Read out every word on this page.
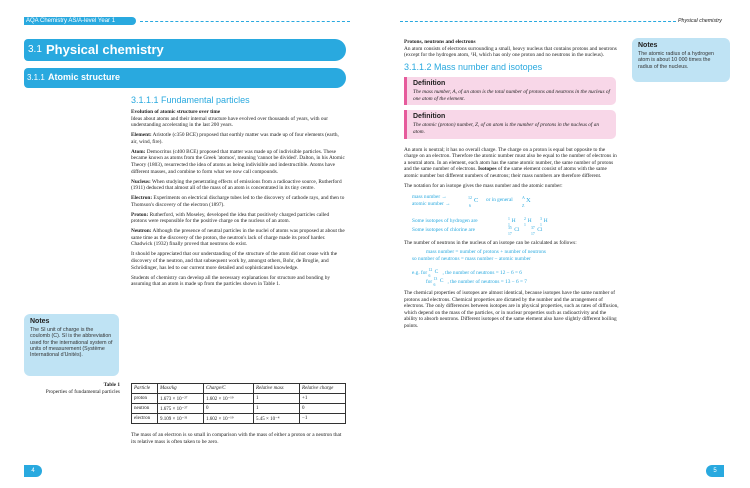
AQA Chemistry AS/A-level Year 1	Physical chemistry
3.1 Physical chemistry
3.1.1 Atomic structure
3.1.1.1 Fundamental particles

Evolution of atomic structure over time

Ideas about atoms and their internal structure have evolved over thousands of years, with our understanding accelerating in the last 200 years.

Element: Aristotle (c350 BCE) proposed that earthly matter was made up of four elements (earth, air, wind, fire).

Atom: Democritus (c400 BCE) proposed that matter was made up of indivisible particles. These became known as atoms from the Greek 'atomos', meaning 'cannot be divided'. Dalton, in his Atomic Theory (1803), resurrected the idea of atoms as being indivisible and indestructible. Atoms have different masses, and combine to form what we now call compounds.

Nucleus: When studying the penetrating effects of emissions from a radioactive source, Rutherford (1911) deduced that almost all of the mass of an atom is concentrated in its tiny centre.

Electron: Experiments on electrical discharge tubes led to the discovery of cathode rays, and then to Thomson's discovery of the electron (1897).

Proton: Rutherford, with Moseley, developed the idea that positively charged particles called protons were responsible for the positive charge on the nucleus of an atom.

Neutron: Although the presence of neutral particles in the nuclei of atoms was proposed at about the same time as the discovery of the proton, the neutron's lack of charge made its proof harder. Chadwick (1932) finally proved that neutrons do exist.

It should be appreciated that our understanding of the structure of the atom did not cease with the discovery of the neutron, and that subsequent work by, amongst others, Bohr, de Broglie, and Schrödinger, has led to our current more detailed and sophisticated knowledge.

Students of chemistry can develop all the necessary explanations for structure and bonding by assuming that an atom is made up from the particles shown in Table 1.

Notes
The SI unit of charge is the coulomb (C). SI is the abbreviation used for the international system of units of measurement (Système International d'Unités).
Table 1
Properties of fundamental particles
Particle	Mass/kg	Charge/C	Relative mass	Relative charge
proton	1.673 × 10⁻²⁷	1.602 × 10⁻¹⁹	1	+1
neutron	1.675 × 10⁻²⁷	0	1	0
electron	9.109 × 10⁻³¹	1.602 × 10⁻¹⁹	5.45 × 10⁻⁴	−1

The mass of an electron is so small in comparison with the mass of either a proton or a neutron that its relative mass is often taken to be zero.

Protons, neutrons and electrons

An atom consists of electrons surrounding a small, heavy nucleus that contains protons and neutrons (except for the hydrogen atom, ¹H, which has only one proton and no neutrons in the nucleus).

3.1.1.2 Mass number and isotopes
Definition
The mass number, A, of an atom is the total number of protons and neutrons in the nucleus of one atom of the element.
Definition
The atomic (proton) number, Z, of an atom is the number of protons in the nucleus of an atom.

An atom is neutral; it has no overall charge. The charge on a proton is equal but opposite to the charge on an electron. Therefore the atomic number must also be equal to the number of electrons in a neutral atom. In an element, each atom has the same atomic number, the same number of protons and the same number of electrons. Isotopes of the same element consist of atoms with the same atomic number but different numbers of neutrons; their mass numbers are therefore different.

The notation for an isotope gives the mass number and the atomic number:

mass number →
atomic number →
12
6
C or in general A
Z
X
Some isotopes of hydrogen are	1
1
H 2
1
H 3
1
H
Some isotopes of chlorine are	35
17
Cl	37
17
Cl

The number of neutrons in the nucleus of an isotope can be calculated as follows:

mass number = number of protons + number of neutrons
so number of neutrons = mass number − atomic number
e.g. for
12
6
C , the number of neutrons = 12 − 6 = 6
for
13
6
C , the number of neutrons = 13 − 6 = 7

The chemical properties of isotopes are almost identical, because isotopes have the same number of protons and electrons. Chemical properties are dictated by the number and the arrangement of electrons. The only differences between isotopes are in physical properties, such as rates of diffusion, which depend on the mass of the particles, or in nuclear properties such as radioactivity and the ability to absorb neutrons. Different isotopes of the same element also have slightly different boiling points.

Notes
The atomic radius of a hydrogen atom is about 10 000 times the radius of the nucleus.
4	5
